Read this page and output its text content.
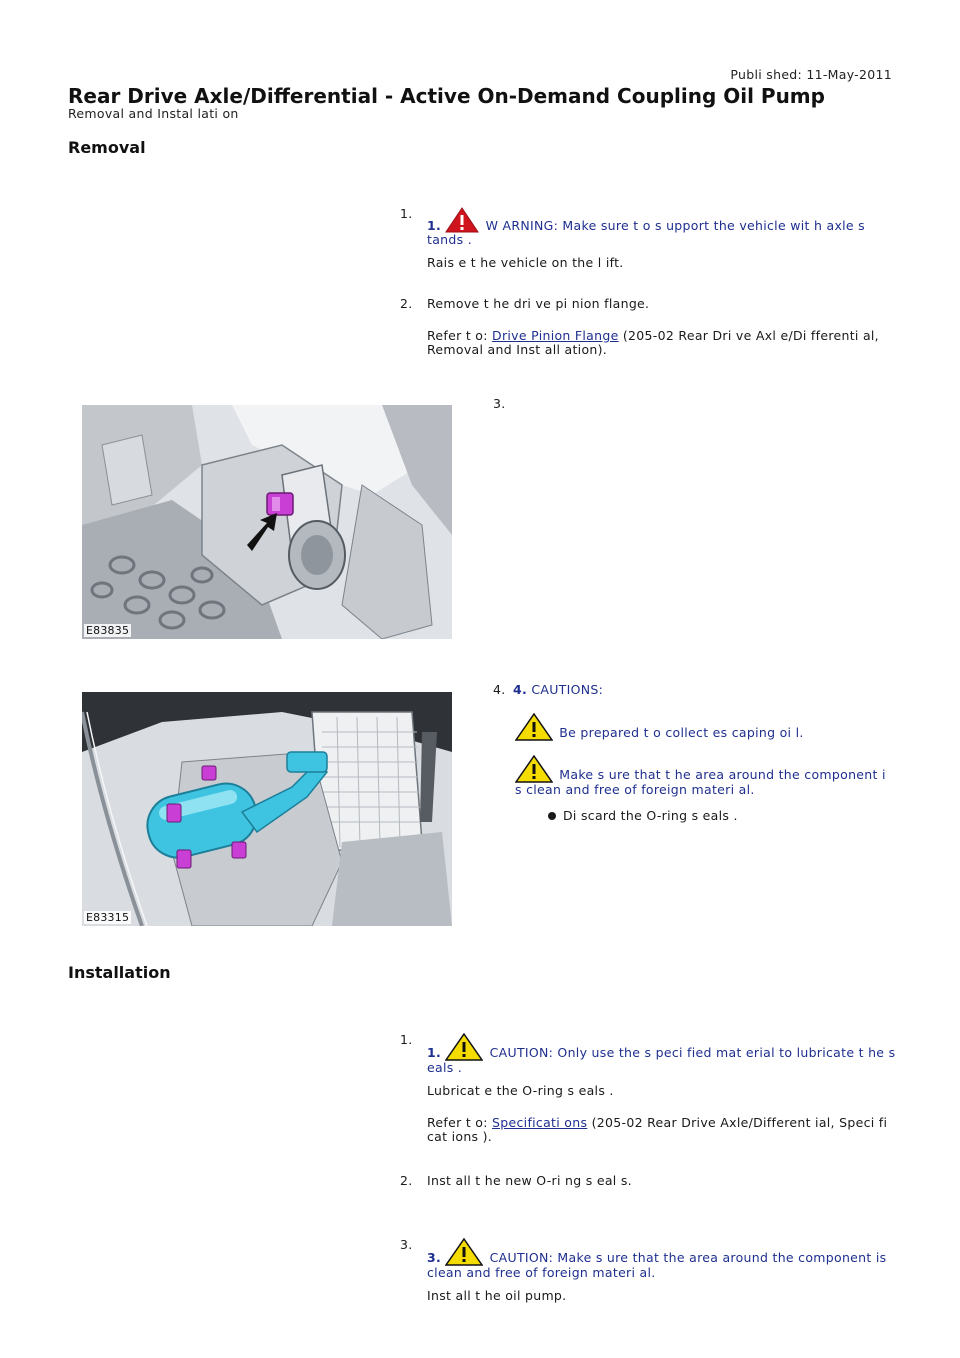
Publi shed: 11-May-2011
Rear Drive Axle/Differential - Active On-Demand Coupling Oil Pump
Removal and Instal lati on
Removal
1.
1.	W ARNING: Make sure t o s upport the vehicle wit h axle s tands .
Rais e t he vehicle on the l ift.
2. Remove t he dri ve pi nion flange.
Refer t o: Drive Pinion Flange (205-02 Rear Dri ve Axl e/Di fferenti al, Removal and Inst all ation).
3.
E83835
4. 4. CAUTIONS:
Be prepared t o collect es caping oi l.
Make s ure that t he area around the component i s clean and free of foreign materi al.
Di scard the O-ring s eals .
E83315
Installation
1.
1.	CAUTION: Only use the s peci fied mat erial to lubricate t he s eals .
Lubricat e the O-ring s eals .
Refer t o: Specificati ons (205-02 Rear Drive Axle/Different ial, Speci fi cat ions ).
2. Inst all t he new O-ri ng s eal s.
3.
3.	CAUTION: Make s ure that the area around the component is clean and free of foreign materi al.
Inst all t he oil pump.
